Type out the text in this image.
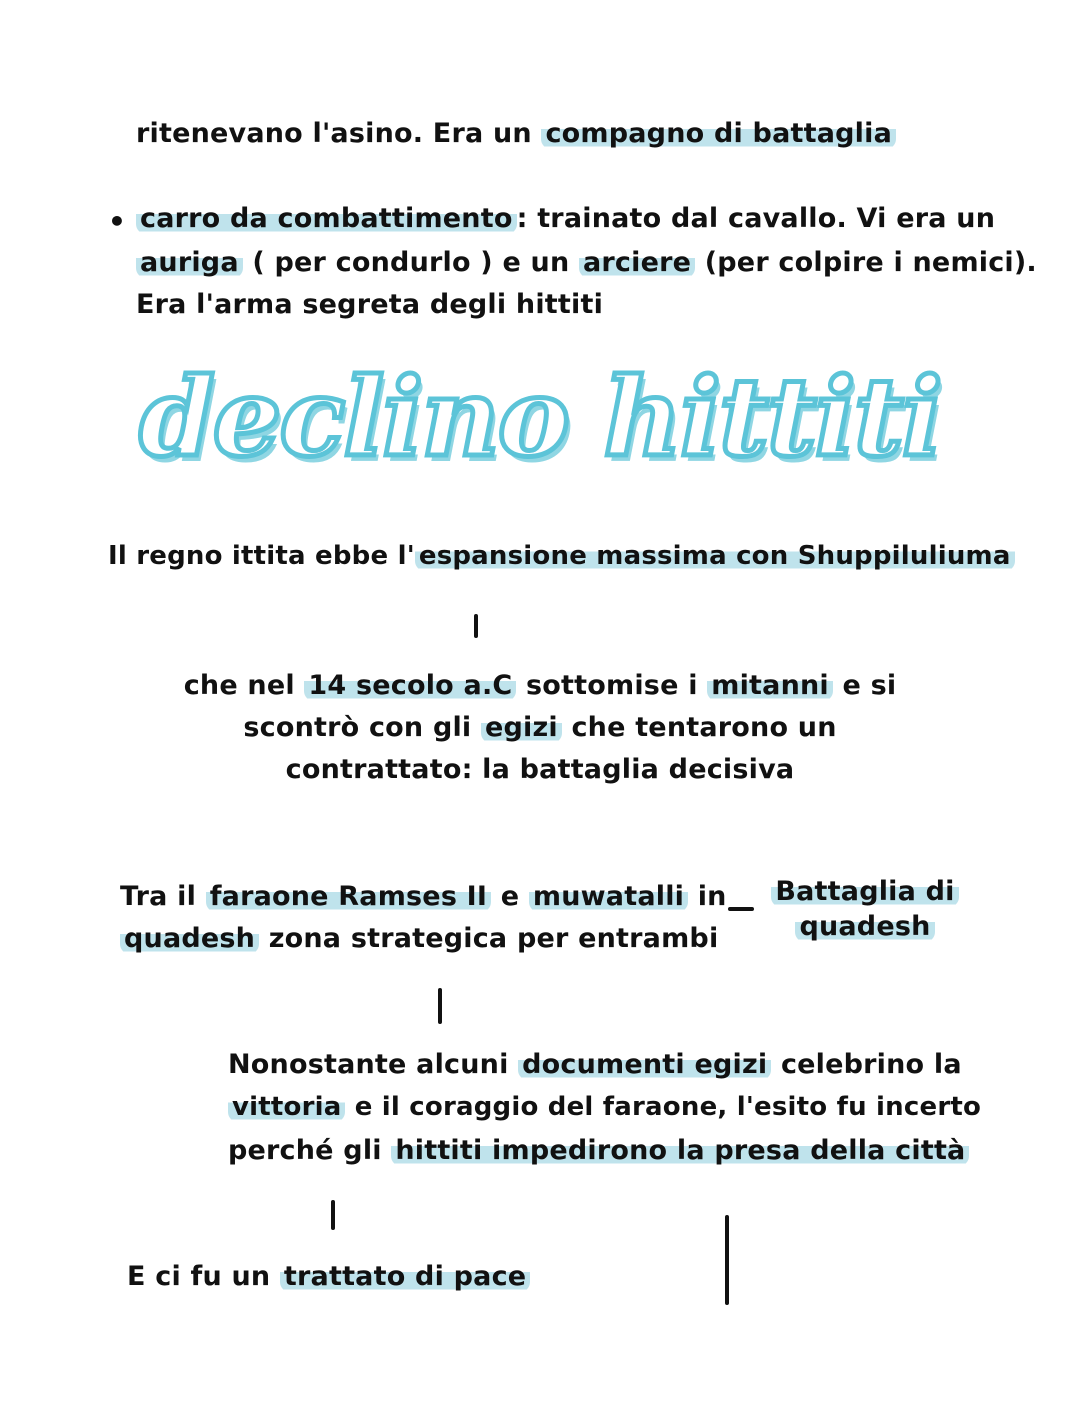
ritenevano l'asino. Era un compagno di battaglia
• carro da combattimento : trainato dal cavallo. Vi era un
auriga ( per condurlo ) e un arciere (per colpire i nemici).
Era l'arma segreta degli hittiti
declino hittiti
Il regno ittita ebbe l' espansione massima con Shuppiluliuma
che nel 14 secolo a.C sottomise i mitanni e si
scontrò con gli egizi che tentarono un
contrattato: la battaglia decisiva
Tra il faraone Ramses II e muwatalli in
quadesh zona strategica per entrambi
Battaglia di
quadesh
Nonostante alcuni documenti egizi celebrino la
vittoria e il coraggio del faraone, l'esito fu incerto
perché gli hittiti impedirono la presa della città
E ci fu un trattato di pace
